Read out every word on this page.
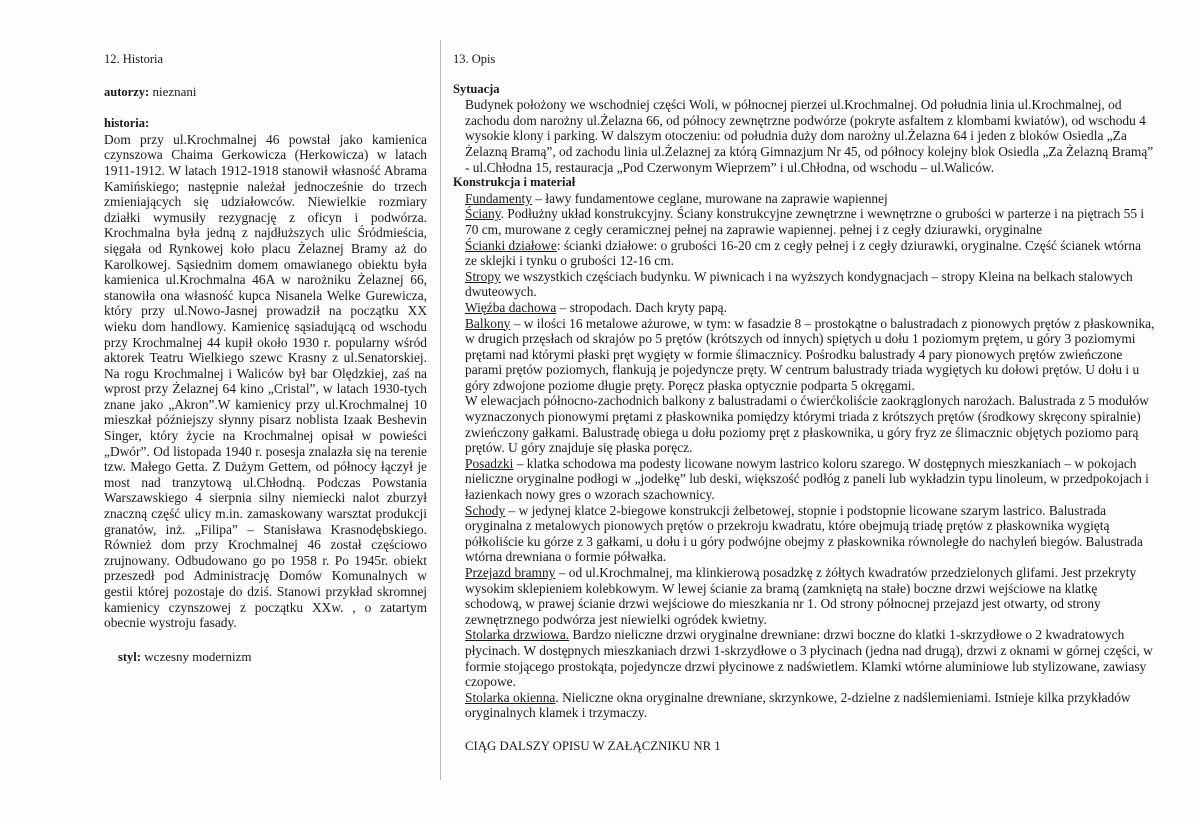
12. Historia
autorzy: nieznani
historia:

Dom przy ul.Krochmalnej 46 powstał jako kamienica czynszowa Chaima Gerkowicza (Herkowicza) w latach 1911-1912. W latach 1912-1918 stanowił własność Abrama Kamińskiego; następnie należał jednocześnie do trzech zmieniających się udziałowców. Niewielkie rozmiary działki wymusiły rezygnację z oficyn i podwórza. Krochmalna była jedną z najdłuższych ulic Śródmieścia, sięgała od Rynkowej koło placu Żelaznej Bramy aż do Karolkowej. Sąsiednim domem omawianego obiektu była kamienica ul.Krochmalna 46A w narożniku Żelaznej 66, stanowiła ona własność kupca Nisanela Welke Gurewicza, który przy ul.Nowo-Jasnej prowadził na początku XX wieku dom handlowy. Kamienicę sąsiadującą od wschodu przy Krochmalnej 44 kupił około 1930 r. popularny wśród aktorek Teatru Wielkiego szewc Krasny z ul.Senatorskiej. Na rogu Krochmalnej i Waliców był bar Olędzkiej, zaś na wprost przy Żelaznej 64 kino „Cristal”, w latach 1930-tych znane jako „Akron”.W kamienicy przy ul.Krochmalnej 10 mieszkał późniejszy słynny pisarz noblista Izaak Beshevin Singer, który życie na Krochmalnej opisał w powieści „Dwór”. Od listopada 1940 r. posesja znalazła się na terenie tzw. Małego Getta. Z Dużym Gettem, od północy łączył je most nad tranzytową ul.Chłodną. Podczas Powstania Warszawskiego 4 sierpnia silny niemiecki nalot zburzył znaczną część ulicy m.in. zamaskowany warsztat produkcji granatów, inż. „Filipa” – Stanisława Krasnodębskiego. Również dom przy Krochmalnej 46 został częściowo zrujnowany. Odbudowano go po 1958 r. Po 1945r. obiekt przeszedł pod Administrację Domów Komunalnych w gestii której pozostaje do dziś. Stanowi przykład skromnej kamienicy czynszowej z początku XXw. , o zatartym obecnie wystroju fasady.

styl: wczesny modernizm
13. Opis
Sytuacja

Budynek położony we wschodniej części Woli, w północnej pierzei ul.Krochmalnej. Od południa linia ul.Krochmalnej, od zachodu dom narożny ul.Żelazna 66, od północy zewnętrzne podwórze (pokryte asfaltem z klombami kwiatów), od wschodu 4 wysokie klony i parking. W dalszym otoczeniu: od południa duży dom narożny ul.Żelazna 64 i jeden z bloków Osiedla „Za Żelazną Bramą”, od zachodu linia ul.Żelaznej za którą Gimnazjum Nr 45, od północy kolejny blok Osiedla „Za Żelazną Bramą” - ul.Chłodna 15, restauracja „Pod Czerwonym Wieprzem” i ul.Chłodna, od wschodu – ul.Waliców.

Konstrukcja i materiał

Fundamenty – ławy fundamentowe ceglane, murowane na zaprawie wapiennej

Ściany. Podłużny układ konstrukcyjny. Ściany konstrukcyjne zewnętrzne i wewnętrzne o grubości w parterze i na piętrach 55 i 70 cm, murowane z cegły ceramicznej pełnej na zaprawie wapiennej. pełnej i z cegły dziurawki, oryginalne

Ścianki działowe: ścianki działowe: o grubości 16-20 cm z cegły pełnej i z cegły dziurawki, oryginalne. Część ścianek wtórna ze sklejki i tynku o grubości 12-16 cm.

Stropy we wszystkich częściach budynku. W piwnicach i na wyższych kondygnacjach – stropy Kleina na belkach stalowych dwuteowych.

Więźba dachowa – stropodach. Dach kryty papą.

Balkony – w ilości 16 metalowe ażurowe, w tym: w fasadzie 8 – prostokątne o balustradach z pionowych prętów z płaskownika, w drugich przęsłach od skrajów po 5 prętów (krótszych od innych) spiętych u dołu 1 poziomym prętem, u góry 3 poziomymi prętami nad którymi płaski pręt wygięty w formie ślimacznicy. Pośrodku balustrady 4 pary pionowych prętów zwieńczone parami prętów poziomych, flankują je pojedyncze pręty. W centrum balustrady triada wygiętych ku dołowi prętów. U dołu i u góry zdwojone poziome długie pręty. Poręcz płaska optycznie podparta 5 okręgami.

W elewacjach północno-zachodnich balkony z balustradami o ćwierćkoliście zaokrąglonych narożach. Balustrada z 5 modułów wyznaczonych pionowymi prętami z płaskownika pomiędzy którymi triada z krótszych prętów (środkowy skręcony spiralnie) zwieńczony gałkami. Balustradę obiega u dołu poziomy pręt z płaskownika, u góry fryz ze ślimacznic objętych poziomo parą prętów. U góry znajduje się płaska poręcz.

Posadzki – klatka schodowa ma podesty licowane nowym lastrico koloru szarego. W dostępnych mieszkaniach – w pokojach nieliczne oryginalne podłogi w „jodełkę” lub deski, większość podłóg z paneli lub wykładzin typu linoleum, w przedpokojach i łazienkach nowy gres o wzorach szachownicy.

Schody – w jedynej klatce 2-biegowe konstrukcji żelbetowej, stopnie i podstopnie licowane szarym lastrico. Balustrada oryginalna z metalowych pionowych prętów o przekroju kwadratu, które obejmują triadę prętów z płaskownika wygiętą półkoliście ku górze z 3 gałkami, u dołu i u góry podwójne obejmy z płaskownika równoległe do nachyleń biegów. Balustrada wtórna drewniana o formie półwałka.

Przejazd bramny – od ul.Krochmalnej, ma klinkierową posadzkę z żółtych kwadratów przedzielonych glifami. Jest przekryty wysokim sklepieniem kolebkowym. W lewej ścianie za bramą (zamkniętą na stałe) boczne drzwi wejściowe na klatkę schodową, w prawej ścianie drzwi wejściowe do mieszkania nr 1. Od strony północnej przejazd jest otwarty, od strony zewnętrznego podwórza jest niewielki ogródek kwietny.

Stolarka drzwiowa. Bardzo nieliczne drzwi oryginalne drewniane: drzwi boczne do klatki 1-skrzydłowe o 2 kwadratowych płycinach. W dostępnych mieszkaniach drzwi 1-skrzydłowe o 3 płycinach (jedna nad drugą), drzwi z oknami w górnej części, w formie stojącego prostokąta, pojedyncze drzwi płycinowe z nadświetlem. Klamki wtórne aluminiowe lub stylizowane, zawiasy czopowe.

Stolarka okienna. Nieliczne okna oryginalne drewniane, skrzynkowe, 2-dzielne z nadślemieniami. Istnieje kilka przykładów oryginalnych klamek i trzymaczy.

CIĄG DALSZY OPISU W ZAŁĄCZNIKU NR 1
